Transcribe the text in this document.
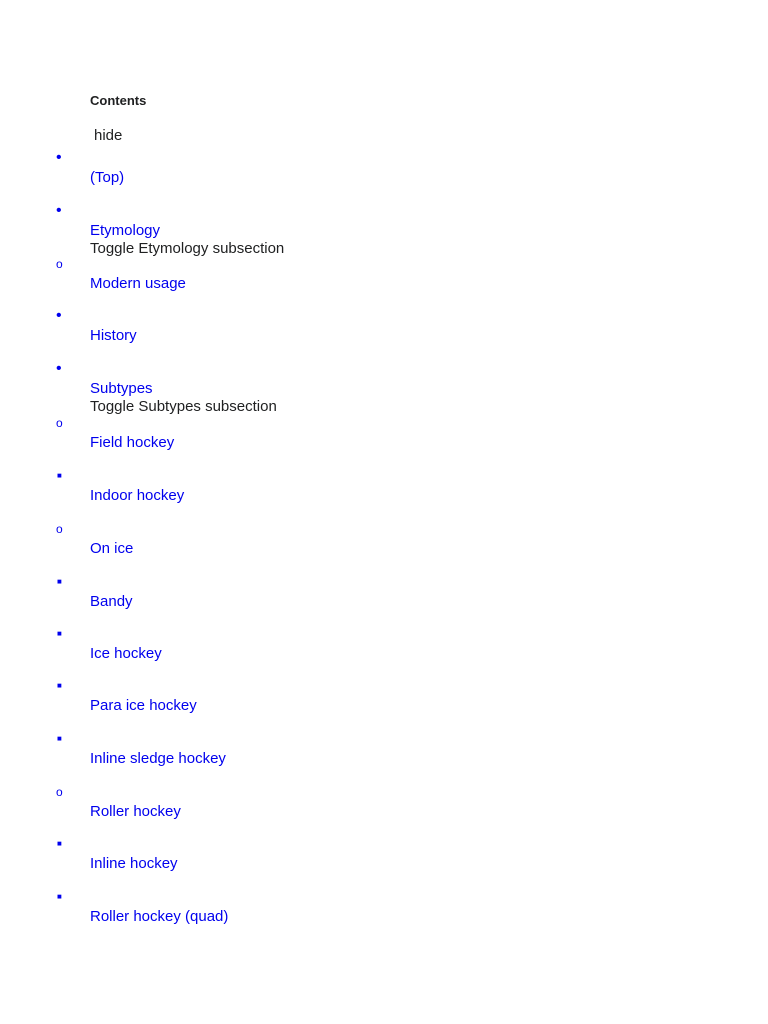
Contents
hide
•
(Top)
•
Etymology
Toggle Etymology subsection
o
Modern usage
•
History
•
Subtypes
Toggle Subtypes subsection
o
Field hockey
■
Indoor hockey
o
On ice
■
Bandy
■
Ice hockey
■
Para ice hockey
■
Inline sledge hockey
o
Roller hockey
■
Inline hockey
■
Roller hockey (quad)
